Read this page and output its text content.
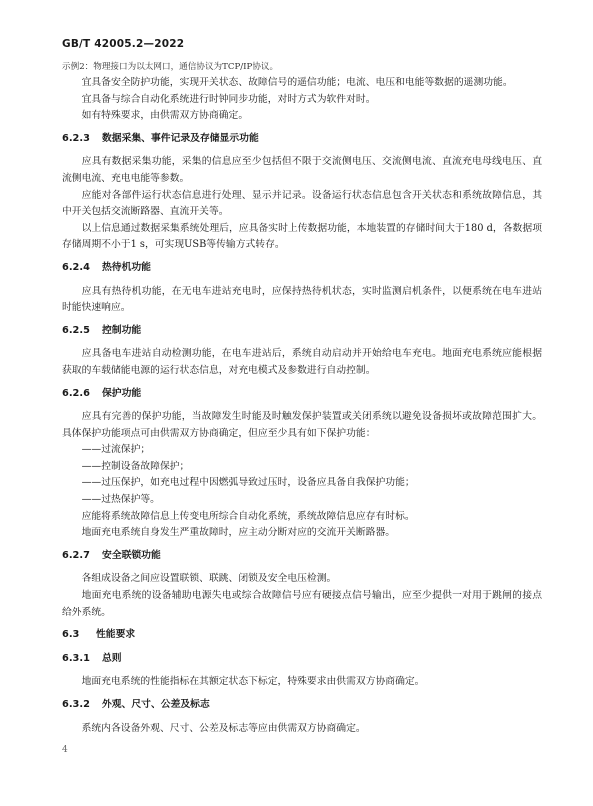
GB/T 42005.2—2022

示例2：物理接口为以太网口，通信协议为TCP/IP协议。

宜具备安全防护功能，实现开关状态、故障信号的遥信功能；电流、电压和电能等数据的遥测功能。

宜具备与综合自动化系统进行时钟同步功能，对时方式为软件对时。

如有特殊要求，由供需双方协商确定。

6.2.3 数据采集、事件记录及存储显示功能

应具有数据采集功能，采集的信息应至少包括但不限于交流侧电压、交流侧电流、直流充电母线电压、直流侧电流、充电电能等参数。

应能对各部件运行状态信息进行处理、显示并记录。设备运行状态信息包含开关状态和系统故障信息，其中开关包括交流断路器、直流开关等。

以上信息通过数据采集系统处理后，应具备实时上传数据功能，本地装置的存储时间大于180 d，各数据项存储周期不小于1 s，可实现USB等传输方式转存。

6.2.4 热待机功能

应具有热待机功能，在无电车进站充电时，应保持热待机状态，实时监测启机条件，以便系统在电车进站时能快速响应。

6.2.5 控制功能

应具备电车进站自动检测功能，在电车进站后，系统自动启动并开始给电车充电。地面充电系统应能根据获取的车载储能电源的运行状态信息，对充电模式及参数进行自动控制。

6.2.6 保护功能

应具有完善的保护功能，当故障发生时能及时触发保护装置或关闭系统以避免设备损坏或故障范围扩大。具体保护功能项点可由供需双方协商确定，但应至少具有如下保护功能：

——过流保护；

——控制设备故障保护；

——过压保护，如充电过程中因燃弧导致过压时，设备应具备自我保护功能；

——过热保护等。

应能将系统故障信息上传变电所综合自动化系统，系统故障信息应存有时标。

地面充电系统自身发生严重故障时，应主动分断对应的交流开关断路器。

6.2.7 安全联锁功能

各组成设备之间应设置联锁、联跳、闭锁及安全电压检测。

地面充电系统的设备辅助电源失电或综合故障信号应有硬接点信号输出，应至少提供一对用于跳闸的接点给外系统。

6.3 性能要求
6.3.1 总则

地面充电系统的性能指标在其额定状态下标定，特殊要求由供需双方协商确定。

6.3.2 外观、尺寸、公差及标志

系统内各设备外观、尺寸、公差及标志等应由供需双方协商确定。

4
